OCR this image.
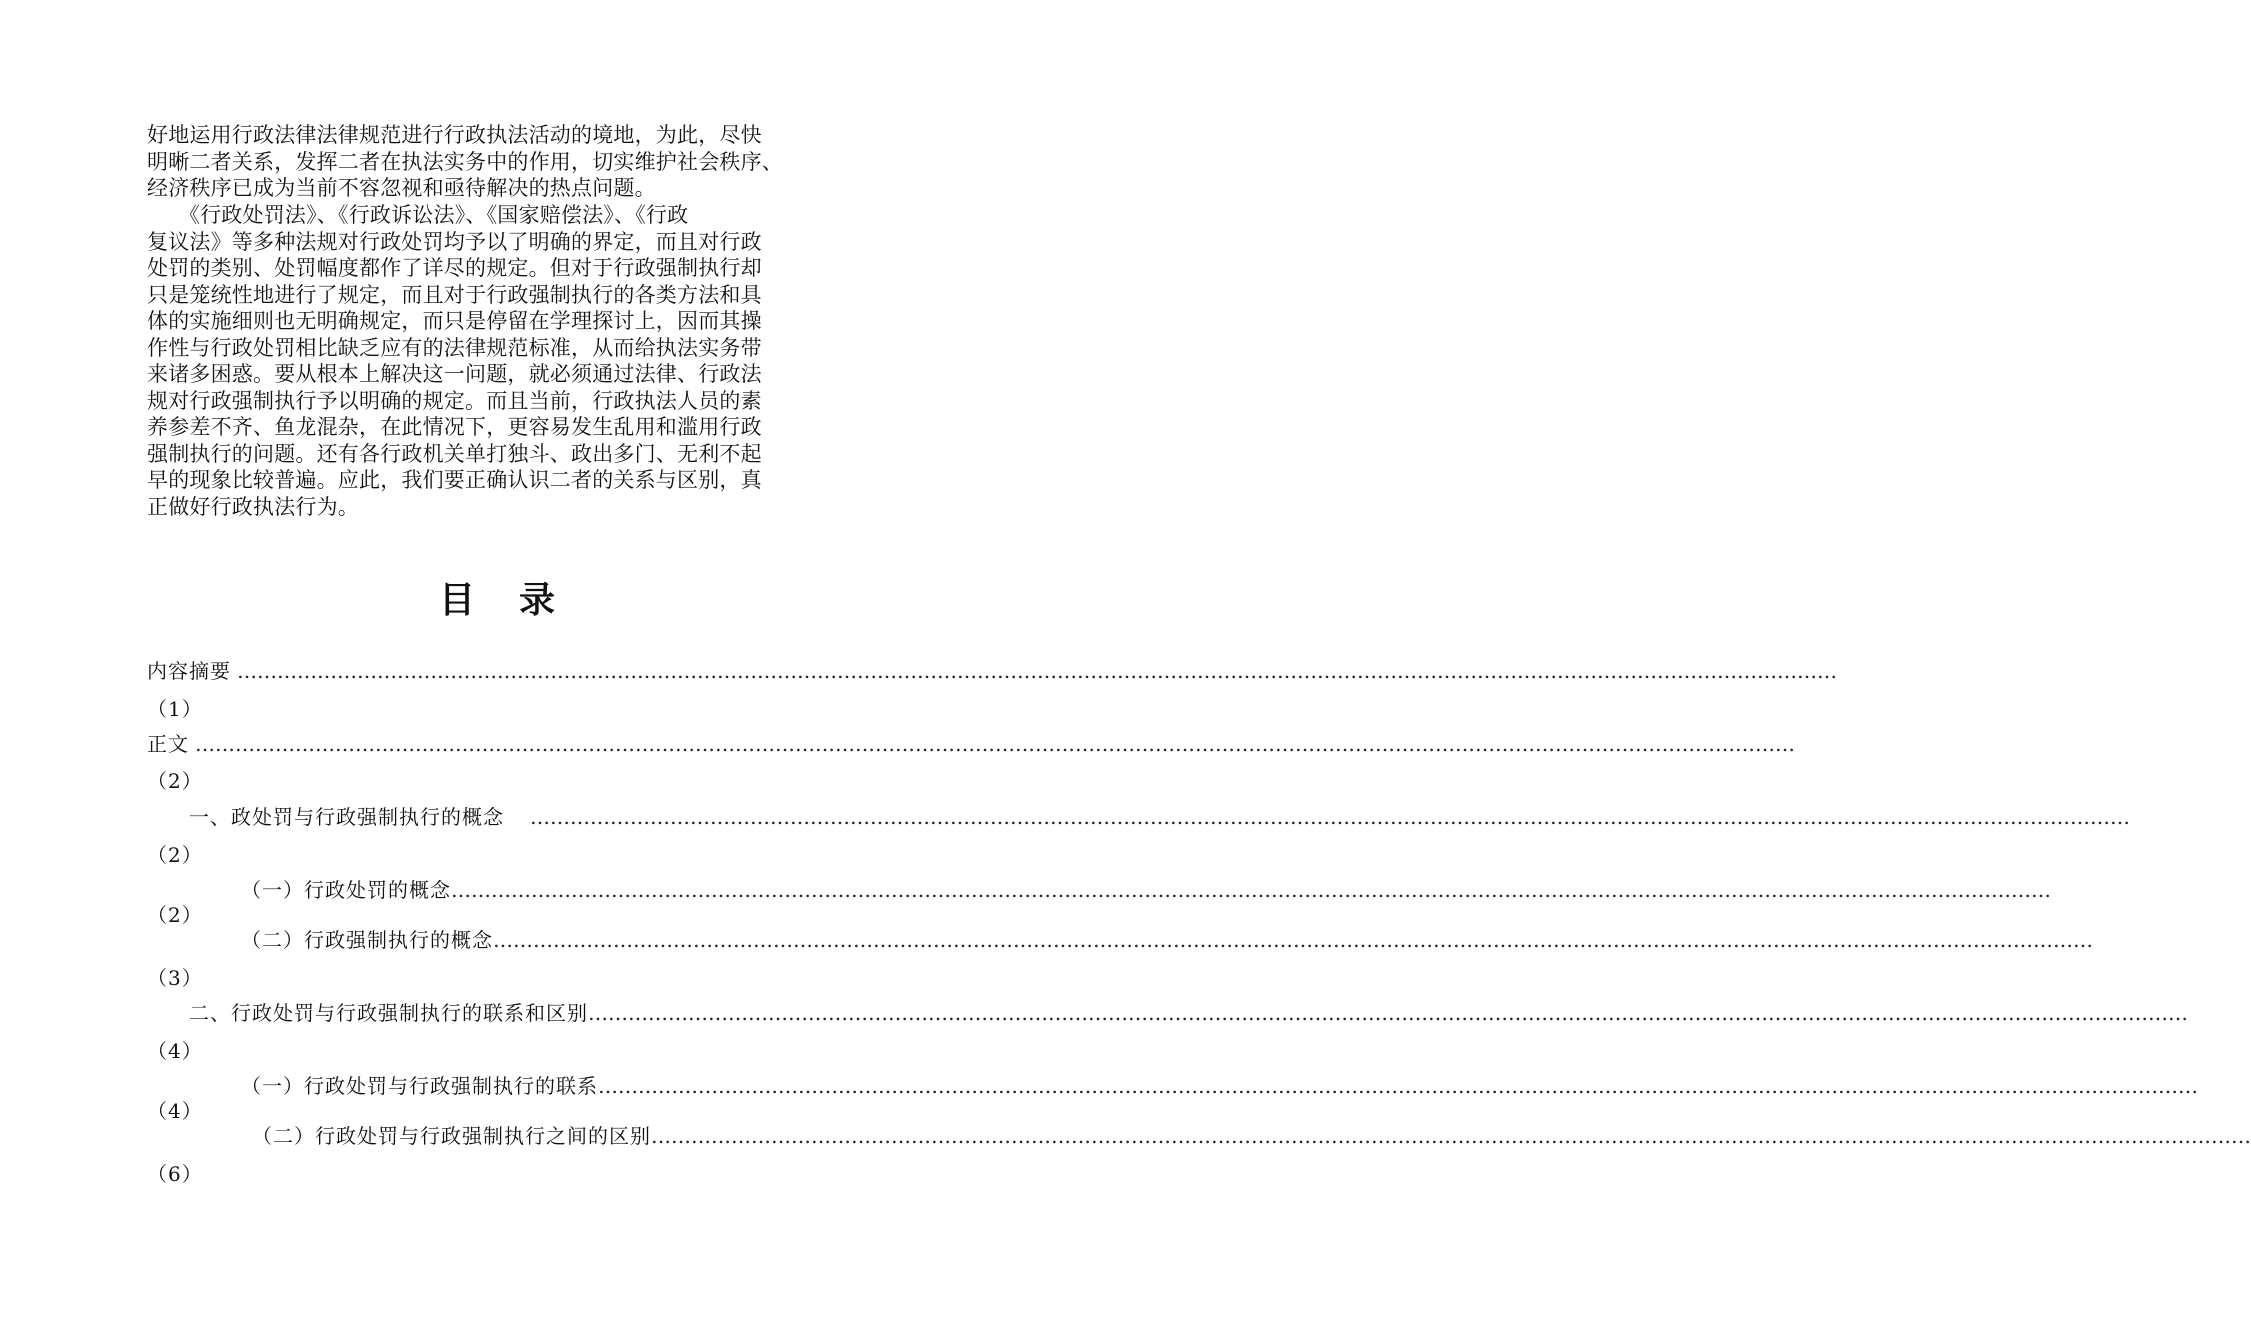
好地运用行政法律法律规范进行行政执法活动的境地，为此，尽快
明晰二者关系，发挥二者在执法实务中的作用，切实维护社会秩序、
经济秩序已成为当前不容忽视和亟待解决的热点问题。
　　《行政处罚法》、《行政诉讼法》、《国家赔偿法》、《行政
复议法》等多种法规对行政处罚均予以了明确的界定，而且对行政
处罚的类别、处罚幅度都作了详尽的规定。但对于行政强制执行却
只是笼统性地进行了规定，而且对于行政强制执行的各类方法和具
体的实施细则也无明确规定，而只是停留在学理探讨上，因而其操
作性与行政处罚相比缺乏应有的法律规范标准，从而给执法实务带
来诸多困惑。要从根本上解决这一问题，就必须通过法律、行政法
规对行政强制执行予以明确的规定。而且当前，行政执法人员的素
养参差不齐、鱼龙混杂，在此情况下，更容易发生乱用和滥用行政
强制执行的问题。还有各行政机关单打独斗、政出多门、无利不起
早的现象比较普遍。应此，我们要正确认识二者的关系与区别，真
正做好行政执法行为。
目录
内容摘要 ……………………………………………………………………………………………………………………………………………………………………………………………………………………
（1）
正文 ……………………………………………………………………………………………………………………………………………………………………………………………………………………
（2）
一、政处罚与行政强制执行的概念 ……………………………………………………………………………………………………………………………………………………………………………………………………………………
（2）
（一）行政处罚的概念 ……………………………………………………………………………………………………………………………………………………………………………………………………………………
（2）
（二）行政强制执行的概念 ……………………………………………………………………………………………………………………………………………………………………………………………………………………
（3）
二、行政处罚与行政强制执行的联系和区别 ……………………………………………………………………………………………………………………………………………………………………………………………………………………
（4）
（一）行政处罚与行政强制执行的联系 ……………………………………………………………………………………………………………………………………………………………………………………………………………………
（4）
（二）行政处罚与行政强制执行之间的区别 ……………………………………………………………………………………………………………………………………………………………………………………………………………………
（6）
